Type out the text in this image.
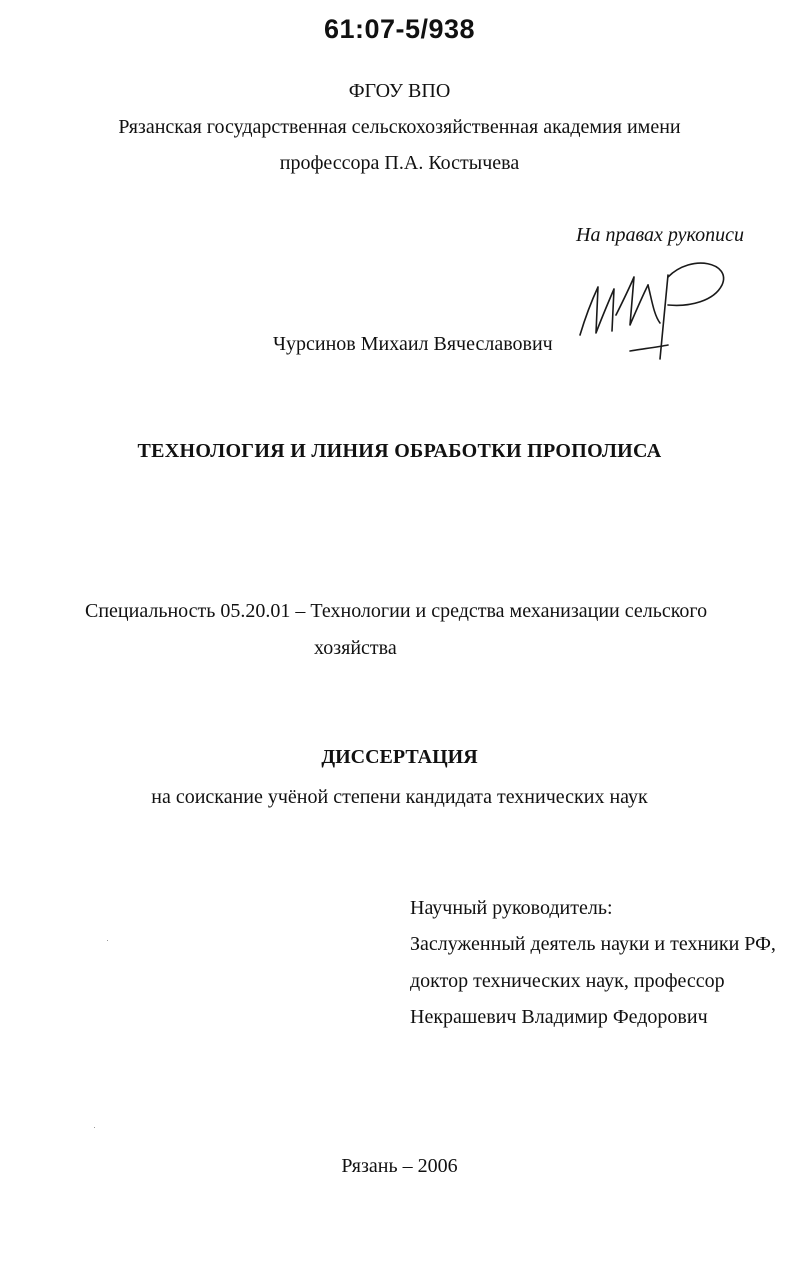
61:07-5/938
ФГОУ ВПО
Рязанская государственная сельскохозяйственная академия имени
профессора П.А. Костычева
На правах рукописи
Чурсинов Михаил Вячеславович
ТЕХНОЛОГИЯ И ЛИНИЯ ОБРАБОТКИ ПРОПОЛИСА
Специальность 05.20.01 – Технологии и средства механизации сельского
хозяйства
ДИССЕРТАЦИЯ
на соискание учёной степени кандидата технических наук
Научный руководитель:
Заслуженный деятель науки и техники РФ,
доктор технических наук, профессор
Некрашевич Владимир Федорович
Рязань – 2006
